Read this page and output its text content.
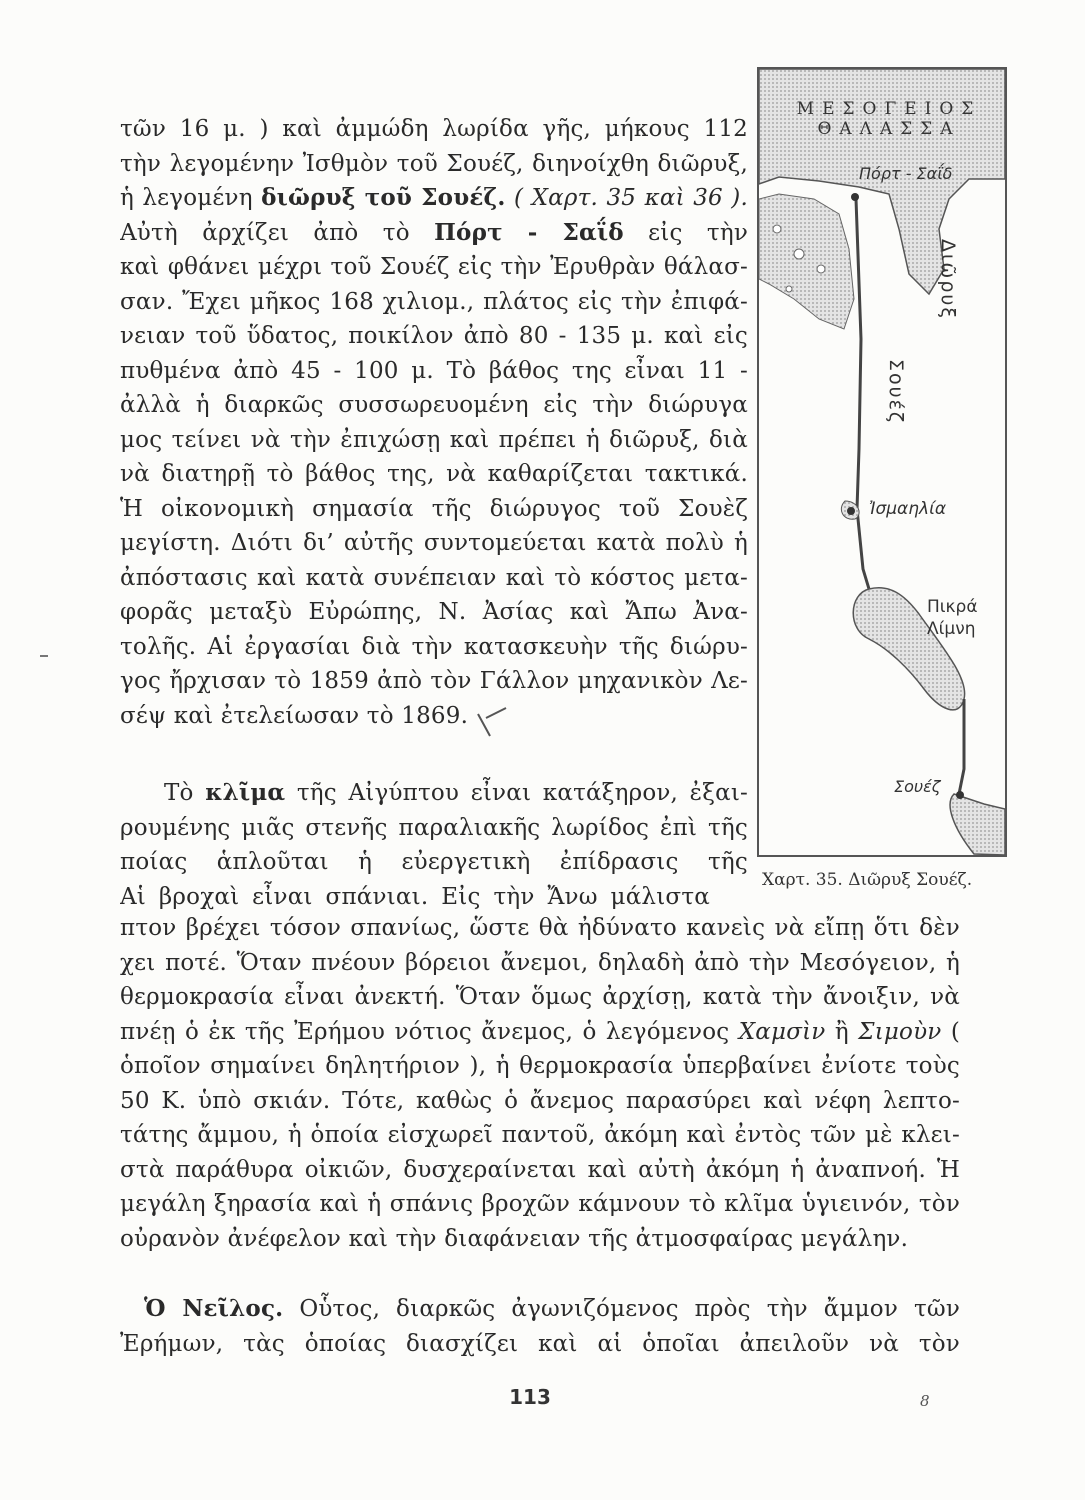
τῶν 16 μ. ) καὶ ἀμμώδη λωρίδα γῆς, μήκους 112
τὴν λεγομένην Ἰσθμὸν τοῦ Σουέζ, διηνοίχθη διῶρυξ,
ἡ λεγομένη διῶρυξ τοῦ Σουέζ. ( Χαρτ. 35 καὶ 36 ).
Αὐτὴ ἀρχίζει ἀπὸ τὸ Πόρτ - Σαΐδ εἰς τὴν
καὶ φθάνει μέχρι τοῦ Σουέζ εἰς τὴν Ἐρυθρὰν θάλασ-
σαν. Ἔχει μῆκος 168 χιλιομ., πλάτος εἰς τὴν ἐπιφά-
νειαν τοῦ ὕδατος, ποικίλον ἀπὸ 80 - 135 μ. καὶ εἰς
πυθμένα ἀπὸ 45 - 100 μ. Τὸ βάθος της εἶναι 11 -
ἀλλὰ ἡ διαρκῶς συσσωρευομένη εἰς τὴν διώρυγα
μος τείνει νὰ τὴν ἐπιχώσῃ καὶ πρέπει ἡ διῶρυξ, διὰ
νὰ διατηρῇ τὸ βάθος της, νὰ καθαρίζεται τακτικά.
Ἡ οἰκονομικὴ σημασία τῆς διώρυγος τοῦ Σουὲζ
μεγίστη. Διότι δι’ αὐτῆς συντομεύεται κατὰ πολὺ ἡ
ἀπόστασις καὶ κατὰ συνέπειαν καὶ τὸ κόστος μετα-
φορᾶς μεταξὺ Εὐρώπης, Ν. Ἀσίας καὶ Ἄπω Ἀνα-
τολῆς. Αἱ ἐργασίαι διὰ τὴν κατασκευὴν τῆς διώρυ-
γος ἤρχισαν τὸ 1859 ἀπὸ τὸν Γάλλον μηχανικὸν Λε-
σέψ καὶ ἐτελείωσαν τὸ 1869.
Τὸ κλῖμα τῆς Αἰγύπτου εἶναι κατάξηρον, ἐξαι-
ρουμένης μιᾶς στενῆς παραλιακῆς λωρίδος ἐπὶ τῆς
ποίας ἁπλοῦται ἡ εὐεργετικὴ ἐπίδρασις τῆς
Αἱ βροχαὶ εἶναι σπάνιαι. Εἰς τὴν Ἄνω μάλιστα
πτον βρέχει τόσον σπανίως, ὥστε θὰ ἠδύνατο κανεὶς νὰ εἴπῃ ὅτι δὲν
χει ποτέ. Ὅταν πνέουν βόρειοι ἄνεμοι, δηλαδὴ ἀπὸ τὴν Μεσόγειον, ἡ
θερμοκρασία εἶναι ἀνεκτή. Ὅταν ὅμως ἀρχίσῃ, κατὰ τὴν ἄνοιξιν, νὰ
πνέῃ ὁ ἐκ τῆς Ἐρήμου νότιος ἄνεμος, ὁ λεγόμενος Χαμσὶν ἢ Σιμοὺν (
ὁποῖον σημαίνει δηλητήριον ), ἡ θερμοκρασία ὑπερβαίνει ἐνίοτε τοὺς
50 Κ. ὑπὸ σκιάν. Τότε, καθὼς ὁ ἄνεμος παρασύρει καὶ νέφη λεπτο-
τάτης ἄμμου, ἡ ὁποία εἰσχωρεῖ παντοῦ, ἀκόμη καὶ ἐντὸς τῶν μὲ κλει-
στὰ παράθυρα οἰκιῶν, δυσχεραίνεται καὶ αὐτὴ ἀκόμη ἡ ἀναπνοή. Ἡ
μεγάλη ξηρασία καὶ ἡ σπάνις βροχῶν κάμνουν τὸ κλῖμα ὑγιεινόν, τὸν
οὐρανὸν ἀνέφελον καὶ τὴν διαφάνειαν τῆς ἀτμοσφαίρας μεγάλην.
Ὁ Νεῖλος. Οὗτος, διαρκῶς ἀγωνιζόμενος πρὸς τὴν ἄμμον τῶν
Ἐρήμων, τὰς ὁποίας διασχίζει καὶ αἱ ὁποῖαι ἀπειλοῦν νὰ τὸν
ΜΕΣΟΓΕΙΟΣ
ΘΑΛΑΣΣΑ
Πόρτ - Σαΐδ
Διῶρυξ
Σουέζ
Ἰσμαηλία
Πικρά
Λίμνη
Σουέζ
Χαρτ. 35. Διῶρυξ Σουέζ.
113	8
